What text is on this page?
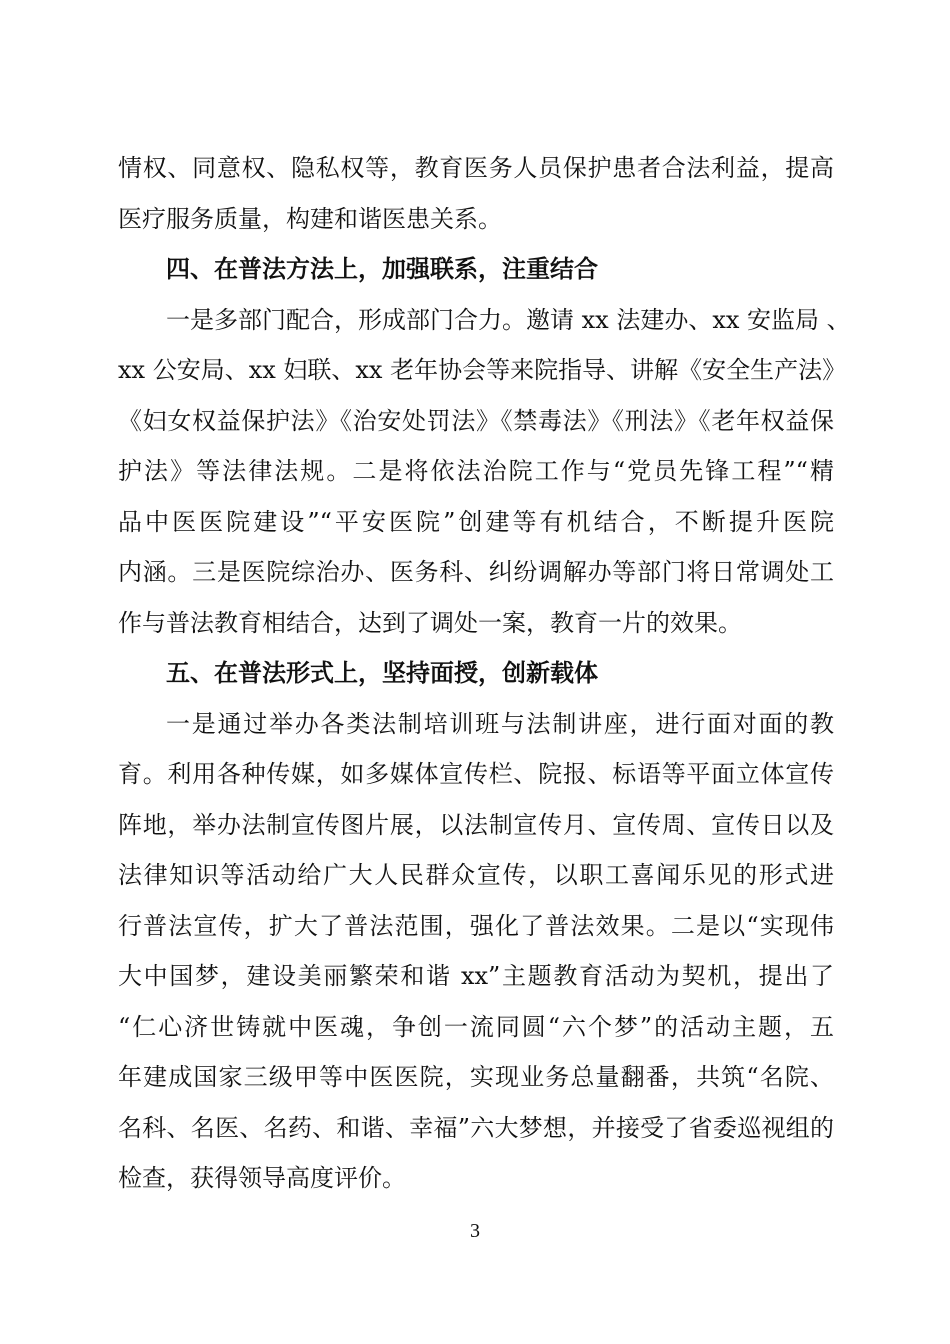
情权、同意权、隐私权等，教育医务人员保护患者合法利益，提高
医疗服务质量，构建和谐医患关系。
四、在普法方法上，加强联系，注重结合
一是多部门配合，形成部门合力。邀请 xx 法建办、xx 安监局 、
xx 公安局、xx 妇联、xx 老年协会等来院指导、讲解《安全生产法》
《妇女权益保护法》《治安处罚法》《禁毒法》《刑法》《老年权益保
护法》等法律法规。二是将依法治院工作与“党员先锋工程”“精
品中医医院建设”“平安医院”创建等有机结合，不断提升医院
内涵。三是医院综治办、医务科、纠纷调解办等部门将日常调处工
作与普法教育相结合，达到了调处一案，教育一片的效果。
五、在普法形式上，坚持面授，创新载体
一是通过举办各类法制培训班与法制讲座，进行面对面的教
育。利用各种传媒，如多媒体宣传栏、院报、标语等平面立体宣传
阵地，举办法制宣传图片展，以法制宣传月、宣传周、宣传日以及
法律知识等活动给广大人民群众宣传，以职工喜闻乐见的形式进
行普法宣传，扩大了普法范围，强化了普法效果。二是以“实现伟
大中国梦，建设美丽繁荣和谐 xx”主题教育活动为契机，提出了
“仁心济世铸就中医魂，争创一流同圆“六个梦”的活动主题，五
年建成国家三级甲等中医医院，实现业务总量翻番，共筑“名院、
名科、名医、名药、和谐、幸福”六大梦想，并接受了省委巡视组的
检查，获得领导高度评价。
3
